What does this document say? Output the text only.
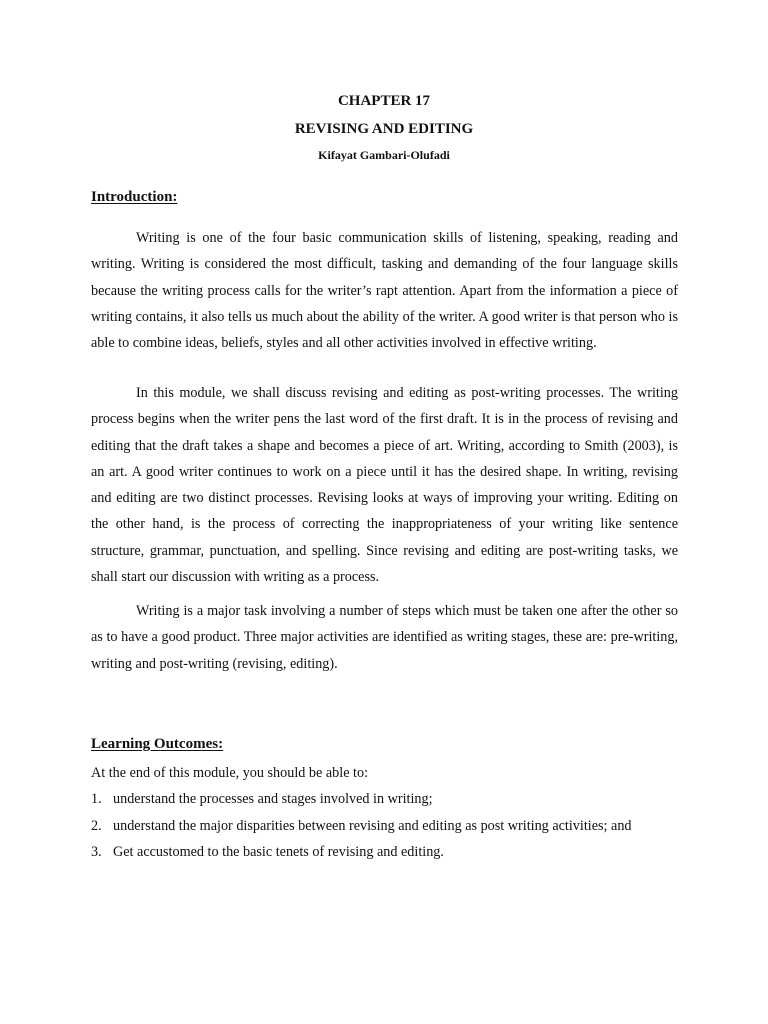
CHAPTER 17
REVISING AND EDITING
Kifayat Gambari-Olufadi
Introduction:

Writing is one of the four basic communication skills of listening, speaking, reading and writing. Writing is considered the most difficult, tasking and demanding of the four language skills because the writing process calls for the writer’s rapt attention. Apart from the information a piece of writing contains, it also tells us much about the ability of the writer. A good writer is that person who is able to combine ideas, beliefs, styles and all other activities involved in effective writing.

In this module, we shall discuss revising and editing as post-writing processes. The writing process begins when the writer pens the last word of the first draft. It is in the process of revising and editing that the draft takes a shape and becomes a piece of art. Writing, according to Smith (2003), is an art. A good writer continues to work on a piece until it has the desired shape. In writing, revising and editing are two distinct processes. Revising looks at ways of improving your writing. Editing on the other hand, is the process of correcting the inappropriateness of your writing like sentence structure, grammar, punctuation, and spelling. Since revising and editing are post-writing tasks, we shall start our discussion with writing as a process.

Writing is a major task involving a number of steps which must be taken one after the other so as to have a good product. Three major activities are identified as writing stages, these are: pre-writing, writing and post-writing (revising, editing).

Learning Outcomes:

At the end of this module, you should be able to:

1. understand the processes and stages involved in writing;
2. understand the major disparities between revising and editing as post writing activities; and
3. Get accustomed to the basic tenets of revising and editing.
